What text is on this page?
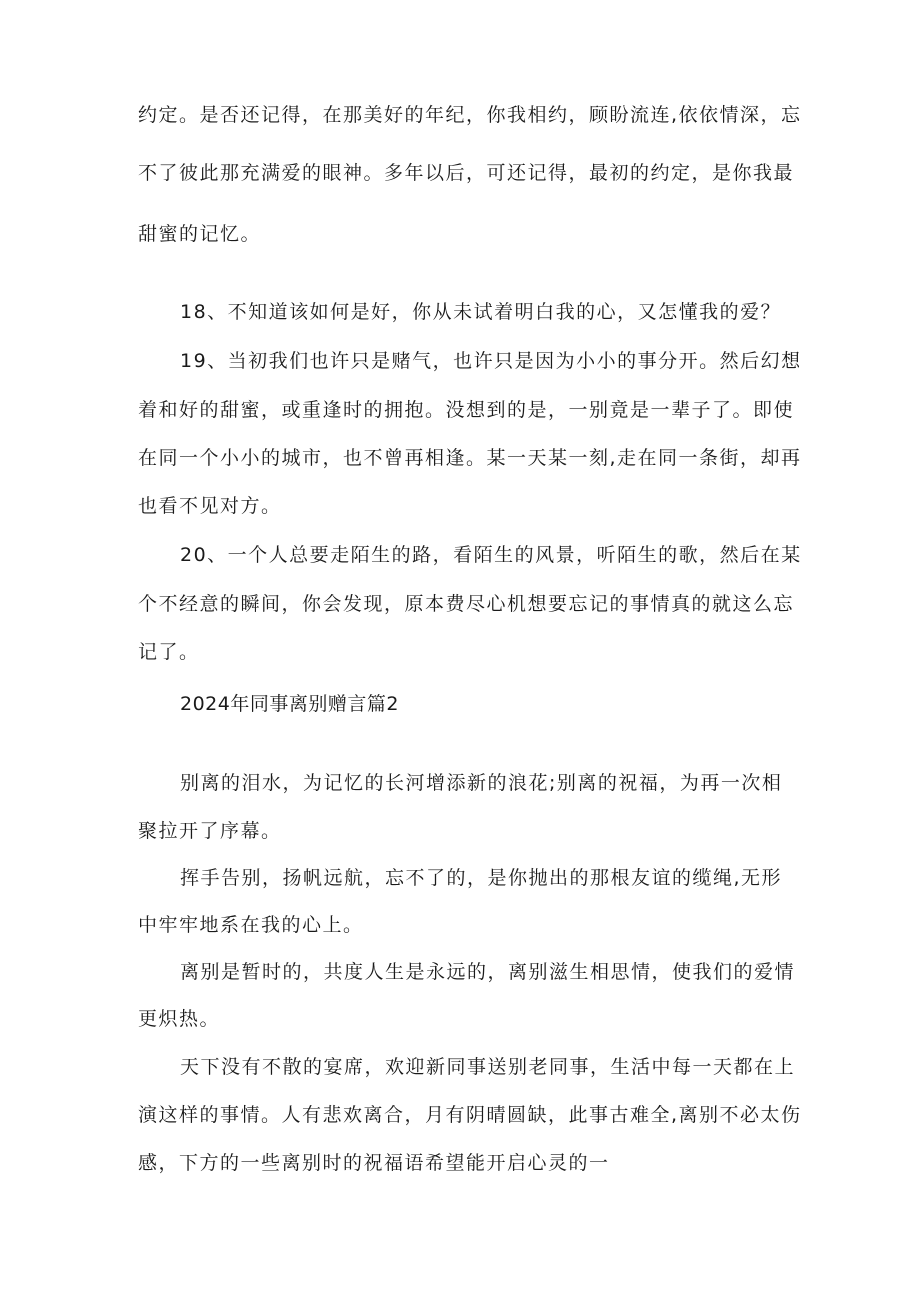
约定。是否还记得，在那美好的年纪，你我相约，顾盼流连,依依情深，忘
不了彼此那充满爱的眼神。多年以后，可还记得，最初的约定，是你我最
甜蜜的记忆。
18、不知道该如何是好，你从未试着明白我的心，又怎懂我的爱？
19、当初我们也许只是赌气，也许只是因为小小的事分开。然后幻想
着和好的甜蜜，或重逢时的拥抱。没想到的是，一别竟是一辈子了。即使
在同一个小小的城市，也不曾再相逢。某一天某一刻,走在同一条街，却再
也看不见对方。
20、一个人总要走陌生的路，看陌生的风景，听陌生的歌，然后在某
个不经意的瞬间，你会发现，原本费尽心机想要忘记的事情真的就这么忘
记了。
2024年同事离别赠言篇2
别离的泪水，为记忆的长河增添新的浪花;别离的祝福，为再一次相
聚拉开了序幕。
挥手告别，扬帆远航，忘不了的，是你抛出的那根友谊的缆绳,无形
中牢牢地系在我的心上。
离别是暂时的，共度人生是永远的，离别滋生相思情，使我们的爱情
更炽热。
天下没有不散的宴席，欢迎新同事送别老同事，生活中每一天都在上
演这样的事情。人有悲欢离合，月有阴晴圆缺，此事古难全,离别不必太伤
感，下方的一些离别时的祝福语希望能开启心灵的一
